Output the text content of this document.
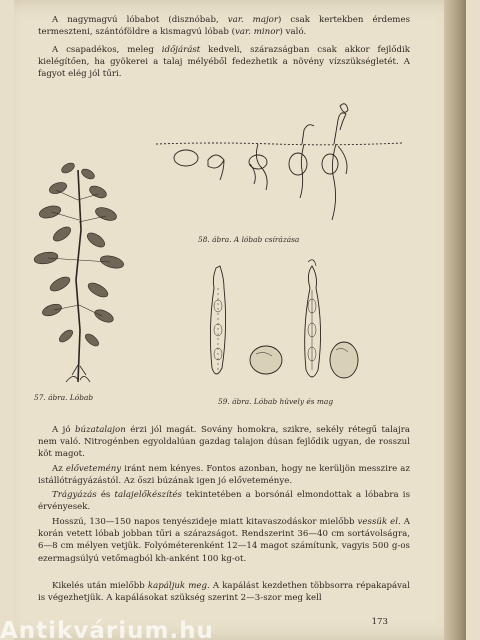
A nagymagvú lóbabot (disznóbab, var. major) csak kertekben érdemes termeszteni, szántóföldre a kismagvú lóbab (var. minor) való.

A csapadékos, meleg időjárást kedveli, szárazságban csak akkor fejlődik kielégítően, ha gyökerei a talaj mélyéből fedezhetik a növény vízszükségletét. A fagyot elég jól tűri.

57. ábra. Lóbab
58. ábra. A lóbab csírázása
59. ábra. Lóbab hüvely és mag

A jó búzatalajon érzi jól magát. Sovány homokra, szikre, sekély rétegű talajra nem való. Nitrogénben egyoldalúan gazdag talajon dúsan fejlődik ugyan, de rosszul köt magot.

Az elővetemény iránt nem kényes. Fontos azonban, hogy ne kerüljön messzire az istállótrágyázástól. Az őszi búzának igen jó előveteménye.

Trágyázás és talajelőkészítés tekintetében a borsónál elmondottak a lóbabra is érvényesek.

Hosszú, 130—150 napos tenyészideje miatt kitavaszodáskor mielőbb vessük el. A korán vetett lóbab jobban tűri a szárazságot. Rendszerint 36—40 cm sortávolságra, 6—8 cm mélyen vetjük. Folyóméterenként 12—14 magot számítunk, vagyis 500 g-os ezermagsúlyú vetőmagból kh-anként 100 kg-ot.

Kikelés után mielőbb kapáljuk meg. A kapálást kezdethen többsorra répakapával is végezhetjük. A kapálásokat szükség szerint 2—3-szor meg kell

173
Antikvárium.hu
